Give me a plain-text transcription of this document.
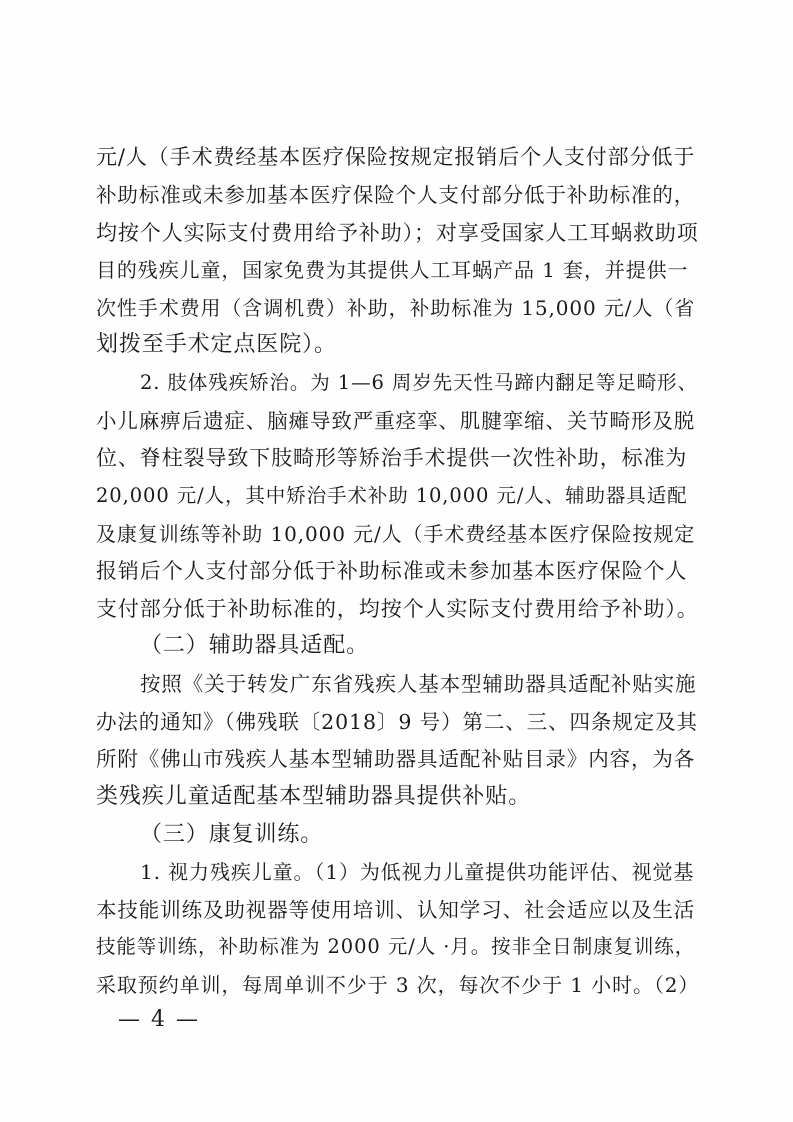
元/人（手术费经基本医疗保险按规定报销后个人支付部分低于
补助标准或未参加基本医疗保险个人支付部分低于补助标准的，
均按个人实际支付费用给予补助）；对享受国家人工耳蜗救助项
目的残疾儿童，国家免费为其提供人工耳蜗产品 1 套，并提供一
次性手术费用（含调机费）补助，补助标准为 15,000 元/人（省
划拨至手术定点医院）。
2. 肢体残疾矫治。为 1—6 周岁先天性马蹄内翻足等足畸形、
小儿麻痹后遗症、脑瘫导致严重痉挛、肌腱挛缩、关节畸形及脱
位、脊柱裂导致下肢畸形等矫治手术提供一次性补助，标准为
20,000 元/人，其中矫治手术补助 10,000 元/人、辅助器具适配
及康复训练等补助 10,000 元/人（手术费经基本医疗保险按规定
报销后个人支付部分低于补助标准或未参加基本医疗保险个人
支付部分低于补助标准的，均按个人实际支付费用给予补助）。
（二）辅助器具适配。
按照《关于转发广东省残疾人基本型辅助器具适配补贴实施
办法的通知》（佛残联〔2018〕9 号）第二、三、四条规定及其
所附《佛山市残疾人基本型辅助器具适配补贴目录》内容，为各
类残疾儿童适配基本型辅助器具提供补贴。
（三）康复训练。
1. 视力残疾儿童。（1）为低视力儿童提供功能评估、视觉基
本技能训练及助视器等使用培训、认知学习、社会适应以及生活
技能等训练，补助标准为 2000 元/人 ·月。按非全日制康复训练，
采取预约单训，每周单训不少于 3 次，每次不少于 1 小时。（2）
— 4 —
